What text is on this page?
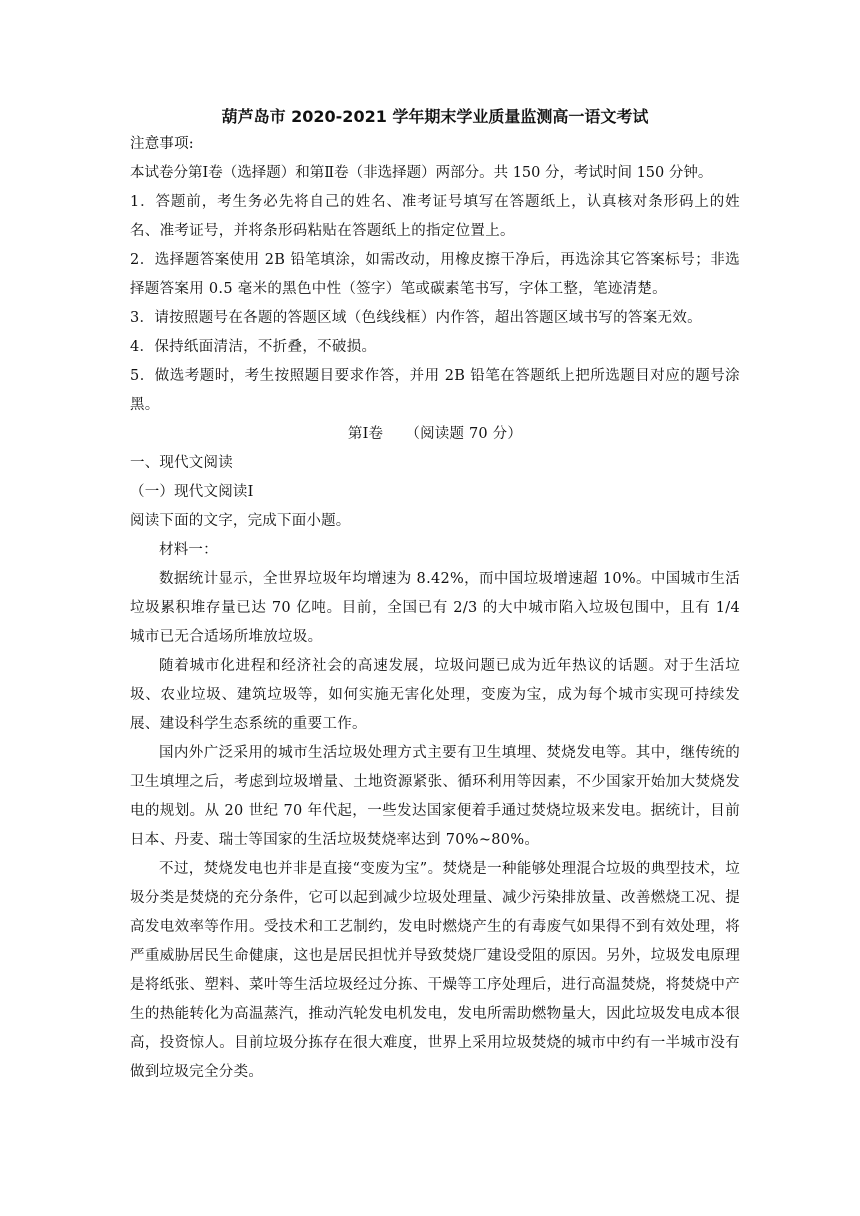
葫芦岛市 2020-2021 学年期末学业质量监测高一语文考试

注意事项:

本试卷分第Ⅰ卷（选择题）和第Ⅱ卷（非选择题）两部分。共 150 分，考试时间 150 分钟。

1．答题前，考生务必先将自己的姓名、准考证号填写在答题纸上，认真核对条形码上的姓名、准考证号，并将条形码粘贴在答题纸上的指定位置上。

2．选择题答案使用 2B 铅笔填涂，如需改动，用橡皮擦干净后，再选涂其它答案标号；非选择题答案用 0.5 毫米的黑色中性（签字）笔或碳素笔书写，字体工整，笔迹清楚。

3．请按照题号在各题的答题区域（色线线框）内作答，超出答题区域书写的答案无效。

4．保持纸面清洁，不折叠，不破损。

5．做选考题时，考生按照题目要求作答，并用 2B 铅笔在答题纸上把所选题目对应的题号涂黑。

第Ⅰ卷　　（阅读题 70 分）

一、现代文阅读

（一）现代文阅读Ⅰ

阅读下面的文字，完成下面小题。

材料一：

数据统计显示，全世界垃圾年均增速为 8.42%，而中国垃圾增速超 10%。中国城市生活垃圾累积堆存量已达 70 亿吨。目前，全国已有 2/3 的大中城市陷入垃圾包围中，且有 1/4 城市已无合适场所堆放垃圾。

随着城市化进程和经济社会的高速发展，垃圾问题已成为近年热议的话题。对于生活垃圾、农业垃圾、建筑垃圾等，如何实施无害化处理，变废为宝，成为每个城市实现可持续发展、建设科学生态系统的重要工作。

国内外广泛采用的城市生活垃圾处理方式主要有卫生填埋、焚烧发电等。其中，继传统的卫生填埋之后，考虑到垃圾增量、土地资源紧张、循环利用等因素，不少国家开始加大焚烧发电的规划。从 20 世纪 70 年代起，一些发达国家便着手通过焚烧垃圾来发电。据统计，目前日本、丹麦、瑞士等国家的生活垃圾焚烧率达到 70%~80%。

不过，焚烧发电也并非是直接“变废为宝”。焚烧是一种能够处理混合垃圾的典型技术，垃圾分类是焚烧的充分条件，它可以起到减少垃圾处理量、减少污染排放量、改善燃烧工况、提高发电效率等作用。受技术和工艺制约，发电时燃烧产生的有毒废气如果得不到有效处理，将严重威胁居民生命健康，这也是居民担忧并导致焚烧厂建设受阻的原因。另外，垃圾发电原理是将纸张、塑料、菜叶等生活垃圾经过分拣、干燥等工序处理后，进行高温焚烧，将焚烧中产生的热能转化为高温蒸汽，推动汽轮发电机发电，发电所需助燃物量大，因此垃圾发电成本很高，投资惊人。目前垃圾分拣存在很大难度，世界上采用垃圾焚烧的城市中约有一半城市没有做到垃圾完全分类。
